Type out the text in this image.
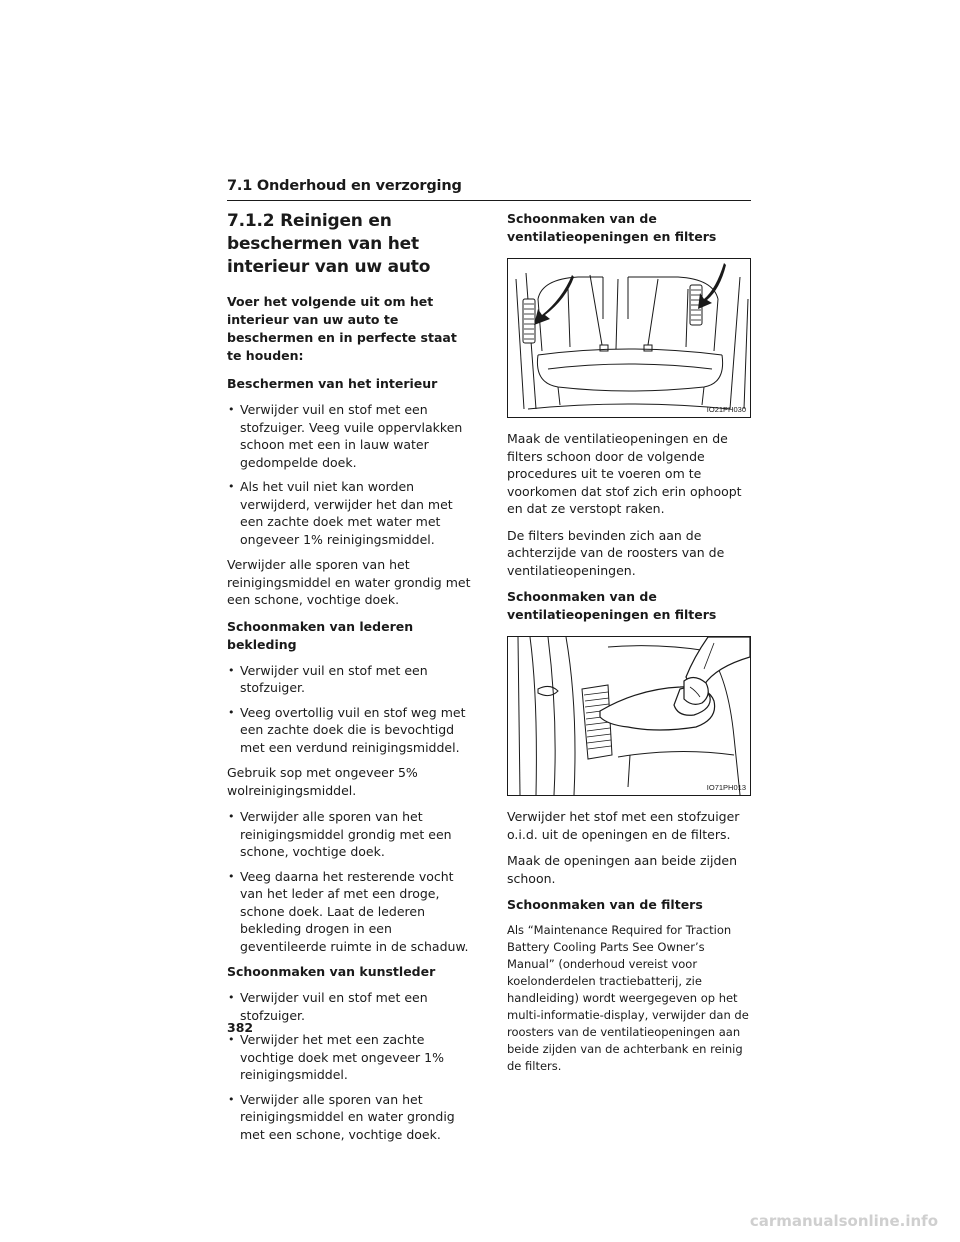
7.1 Onderhoud en verzorging
7.1.2 Reinigen en beschermen van het interieur van uw auto
Voer het volgende uit om het interieur van uw auto te beschermen en in perfecte staat te houden:
Beschermen van het interieur
• Verwijder vuil en stof met een stofzuiger. Veeg vuile oppervlakken schoon met een in lauw water gedompelde doek.
• Als het vuil niet kan worden verwijderd, verwijder het dan met een zachte doek met water met ongeveer 1% reinigingsmiddel.
Verwijder alle sporen van het reinigingsmiddel en water grondig met een schone, vochtige doek.
Schoonmaken van lederen bekleding
• Verwijder vuil en stof met een stofzuiger.
• Veeg overtollig vuil en stof weg met een zachte doek die is bevochtigd met een verdund reinigingsmiddel.
Gebruik sop met ongeveer 5% wolreinigingsmiddel.
• Verwijder alle sporen van het reinigingsmiddel grondig met een schone, vochtige doek.
• Veeg daarna het resterende vocht van het leder af met een droge, schone doek. Laat de lederen bekleding drogen in een geventileerde ruimte in de schaduw.
Schoonmaken van kunstleder
• Verwijder vuil en stof met een stofzuiger.
• Verwijder het met een zachte vochtige doek met ongeveer 1% reinigingsmiddel.
• Verwijder alle sporen van het reinigingsmiddel en water grondig met een schone, vochtige doek.
Schoonmaken van de ventilatieopeningen en filters
IO21PH030
Maak de ventilatieopeningen en de filters schoon door de volgende procedures uit te voeren om te voorkomen dat stof zich erin ophoopt en dat ze verstopt raken.
De filters bevinden zich aan de achterzijde van de roosters van de ventilatieopeningen.
Schoonmaken van de ventilatieopeningen en filters
IO71PH013
Verwijder het stof met een stofzuiger o.i.d. uit de openingen en de filters.
Maak de openingen aan beide zijden schoon.
Schoonmaken van de filters
Als “Maintenance Required for Traction Battery Cooling Parts See Owner’s Manual” (onderhoud vereist voor koelonderdelen tractiebatterij, zie handleiding) wordt weergegeven op het multi-informatie-display, verwijder dan de roosters van de ventilatieopeningen aan beide zijden van de achterbank en reinig de filters.
382
carmanualsonline.info
